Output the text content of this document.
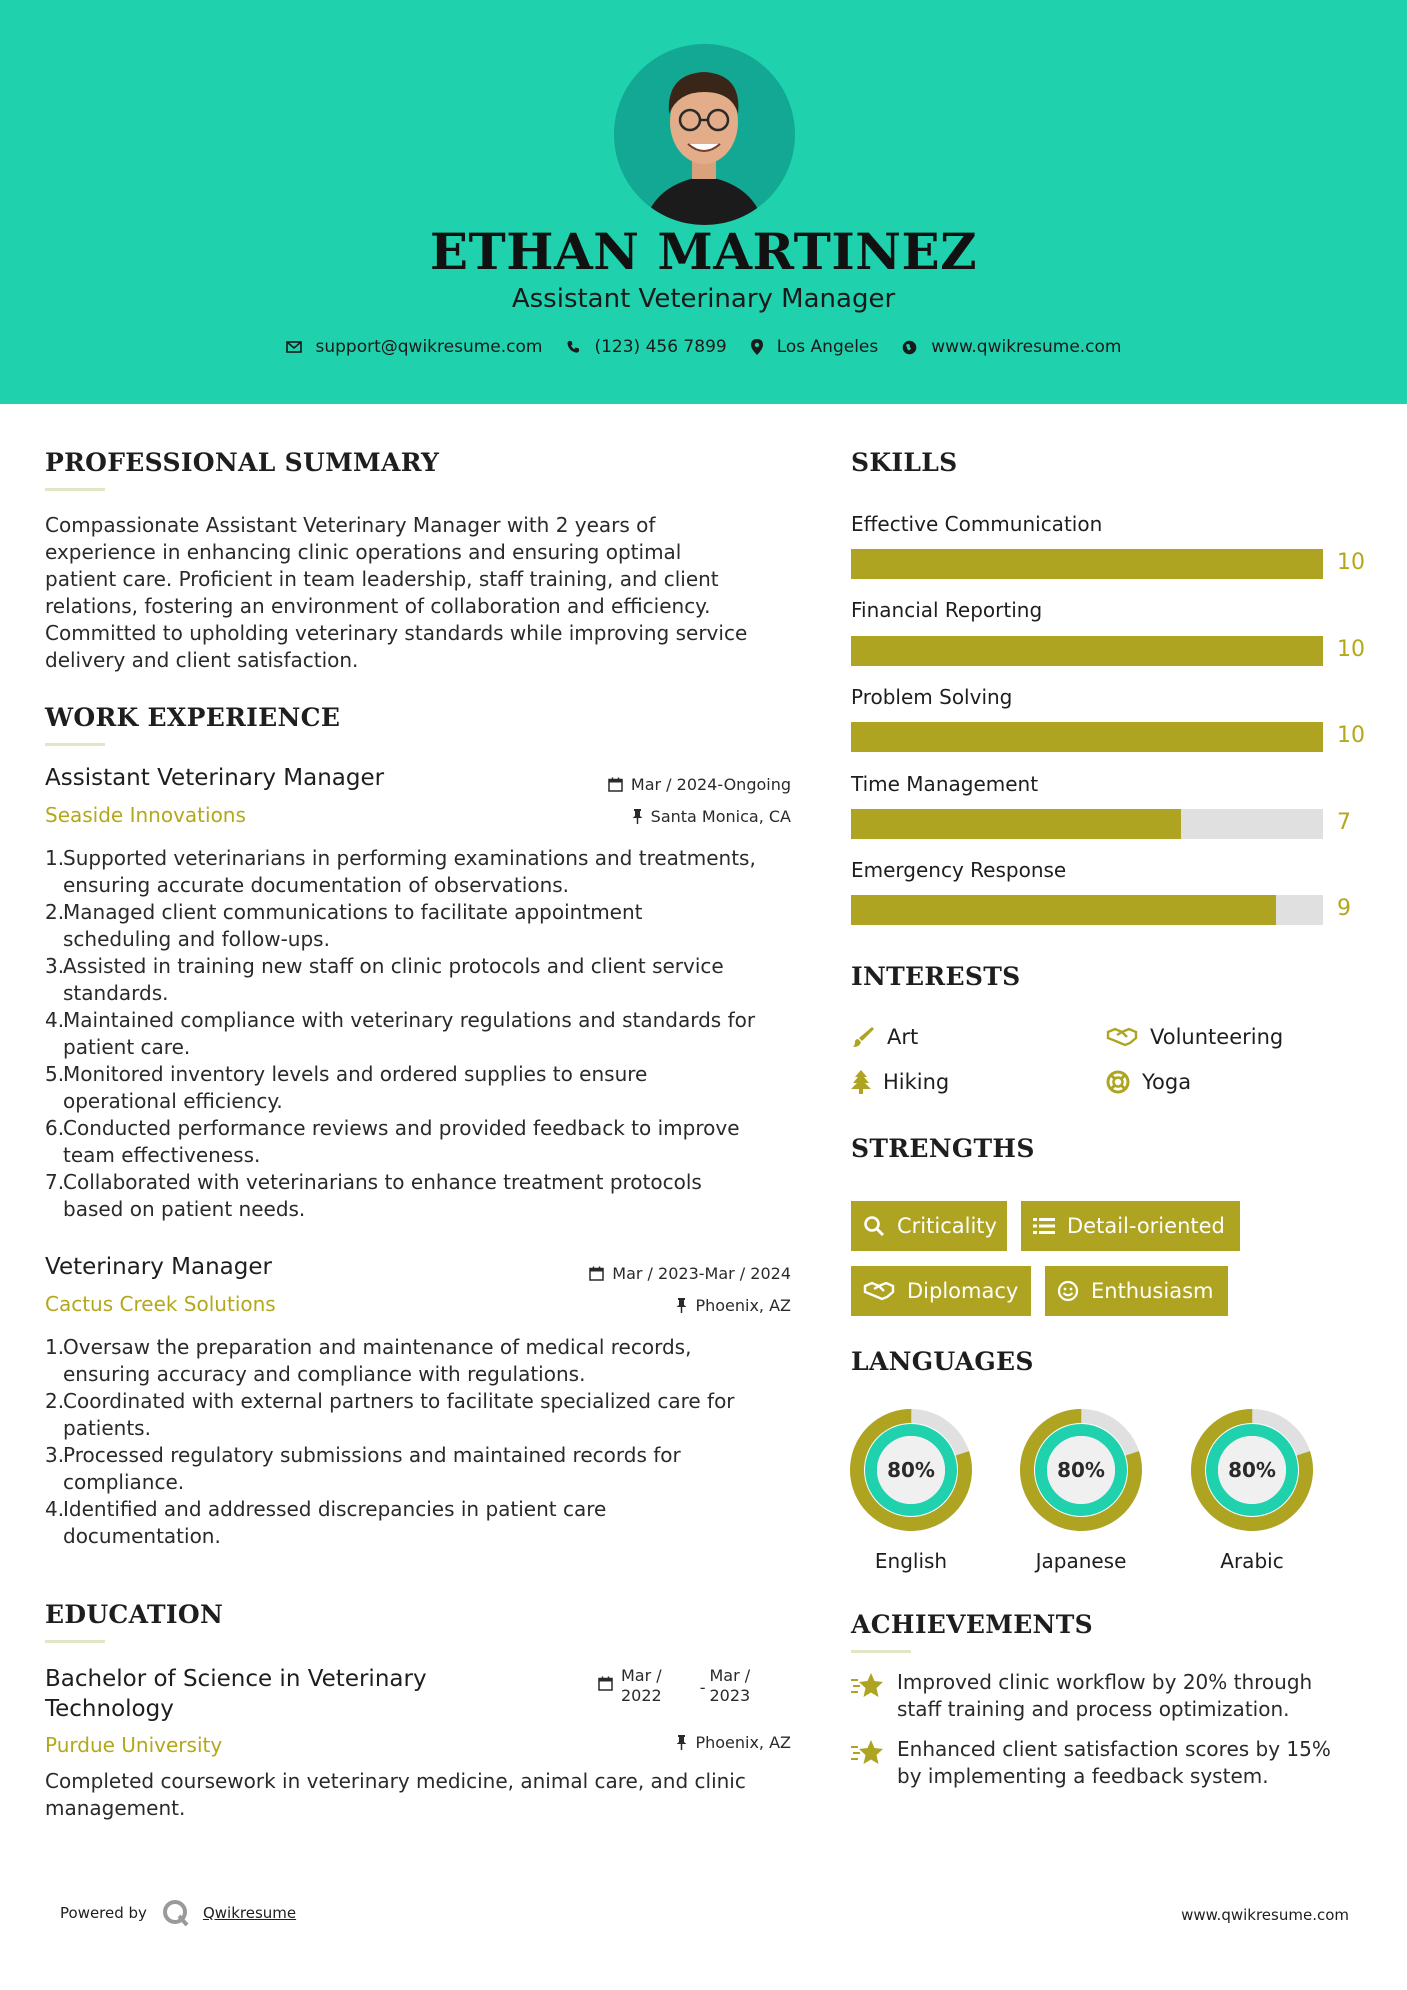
ETHAN MARTINEZ
Assistant Veterinary Manager
support@qwikresume.com	(123) 456 7899	Los Angeles	www.qwikresume.com
PROFESSIONAL SUMMARY
Compassionate Assistant Veterinary Manager with 2 years of
experience in enhancing clinic operations and ensuring optimal
patient care. Proficient in team leadership, staff training, and client
relations, fostering an environment of collaboration and efficiency.
Committed to upholding veterinary standards while improving service
delivery and client satisfaction.
WORK EXPERIENCE
Assistant Veterinary Manager	Mar / 2024-Ongoing
Seaside Innovations	Santa Monica, CA
1.
Supported veterinarians in performing examinations and treatments,
ensuring accurate documentation of observations.
2.
Managed client communications to facilitate appointment
scheduling and follow-ups.
3.
Assisted in training new staff on clinic protocols and client service
standards.
4.
Maintained compliance with veterinary regulations and standards for
patient care.
5.
Monitored inventory levels and ordered supplies to ensure
operational efficiency.
6.
Conducted performance reviews and provided feedback to improve
team effectiveness.
7.
Collaborated with veterinarians to enhance treatment protocols
based on patient needs.
Veterinary Manager	Mar / 2023-Mar / 2024
Cactus Creek Solutions	Phoenix, AZ
1.
Oversaw the preparation and maintenance of medical records,
ensuring accuracy and compliance with regulations.
2.
Coordinated with external partners to facilitate specialized care for
patients.
3.
Processed regulatory submissions and maintained records for
compliance.
4.
Identified and addressed discrepancies in patient care
documentation.
EDUCATION
Bachelor of Science in Veterinary
Technology
Mar /
2022 -
Mar /
2023
Purdue University	Phoenix, AZ
Completed coursework in veterinary medicine, animal care, and clinic
management.
SKILLS
Effective Communication
10
Financial Reporting
10
Problem Solving
10
Time Management
7
Emergency Response
9
INTERESTS
Art	Volunteering
Hiking	Yoga
STRENGTHS
Criticality	Detail-oriented
Diplomacy	Enthusiasm
LANGUAGES
80%
English
80%
Japanese
80%
Arabic
ACHIEVEMENTS
Improved clinic workflow by 20% through
staff training and process optimization.
Enhanced client satisfaction scores by 15%
by implementing a feedback system.
Powered by	Qwikresume	www.qwikresume.com
